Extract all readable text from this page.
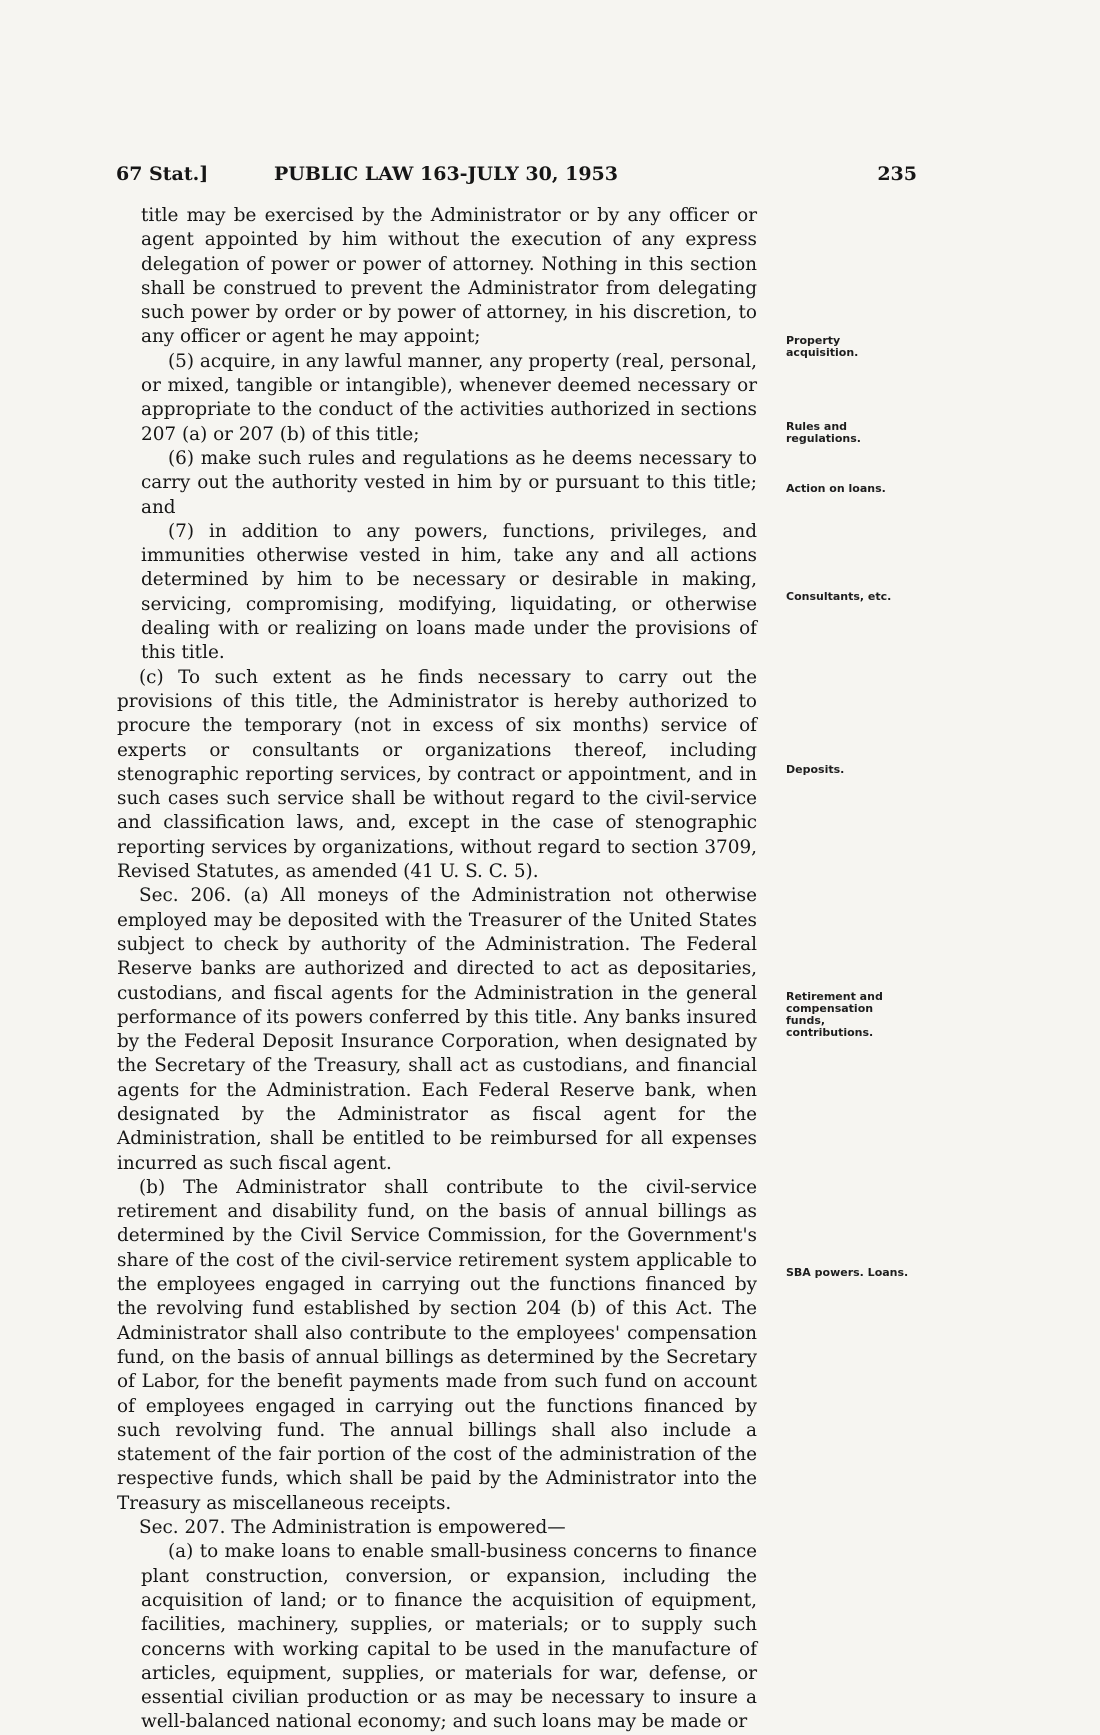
67 Stat.]	PUBLIC LAW 163-JULY 30, 1953	235

title may be exercised by the Administrator or by any officer or agent appointed by him without the execution of any express delegation of power or power of attorney. Nothing in this section shall be construed to prevent the Administrator from delegating such power by order or by power of attorney, in his discretion, to any officer or agent he may appoint;

(5) acquire, in any lawful manner, any property (real, personal, or mixed, tangible or intangible), whenever deemed necessary or appropriate to the conduct of the activities authorized in sections 207 (a) or 207 (b) of this title;

(6) make such rules and regulations as he deems necessary to carry out the authority vested in him by or pursuant to this title; and

(7) in addition to any powers, functions, privileges, and immunities otherwise vested in him, take any and all actions determined by him to be necessary or desirable in making, servicing, compromising, modifying, liquidating, or otherwise dealing with or realizing on loans made under the provisions of this title.

(c) To such extent as he finds necessary to carry out the provisions of this title, the Administrator is hereby authorized to procure the temporary (not in excess of six months) service of experts or consultants or organizations thereof, including stenographic reporting services, by contract or appointment, and in such cases such service shall be without regard to the civil-service and classification laws, and, except in the case of stenographic reporting services by organizations, without regard to section 3709, Revised Statutes, as amended (41 U. S. C. 5).

Sec. 206. (a) All moneys of the Administration not otherwise employed may be deposited with the Treasurer of the United States subject to check by authority of the Administration. The Federal Reserve banks are authorized and directed to act as depositaries, custodians, and fiscal agents for the Administration in the general performance of its powers conferred by this title. Any banks insured by the Federal Deposit Insurance Corporation, when designated by the Secretary of the Treasury, shall act as custodians, and financial agents for the Administration. Each Federal Reserve bank, when designated by the Administrator as fiscal agent for the Administration, shall be entitled to be reimbursed for all expenses incurred as such fiscal agent.

(b) The Administrator shall contribute to the civil-service retirement and disability fund, on the basis of annual billings as determined by the Civil Service Commission, for the Government's share of the cost of the civil-service retirement system applicable to the employees engaged in carrying out the functions financed by the revolving fund established by section 204 (b) of this Act. The Administrator shall also contribute to the employees' compensation fund, on the basis of annual billings as determined by the Secretary of Labor, for the benefit payments made from such fund on account of employees engaged in carrying out the functions financed by such revolving fund. The annual billings shall also include a statement of the fair portion of the cost of the administration of the respective funds, which shall be paid by the Administrator into the Treasury as miscellaneous receipts.

Sec. 207. The Administration is empowered—

(a) to make loans to enable small-business concerns to finance plant construction, conversion, or expansion, including the acquisition of land; or to finance the acquisition of equipment, facilities, machinery, supplies, or materials; or to supply such concerns with working capital to be used in the manufacture of articles, equipment, supplies, or materials for war, defense, or essential civilian production or as may be necessary to insure a well-balanced national economy; and such loans may be made or

Property acquisition.
Rules and regulations.
Action on loans.
Consultants, etc.
Deposits.
Retirement and compensation funds, contributions.
SBA powers. Loans.
